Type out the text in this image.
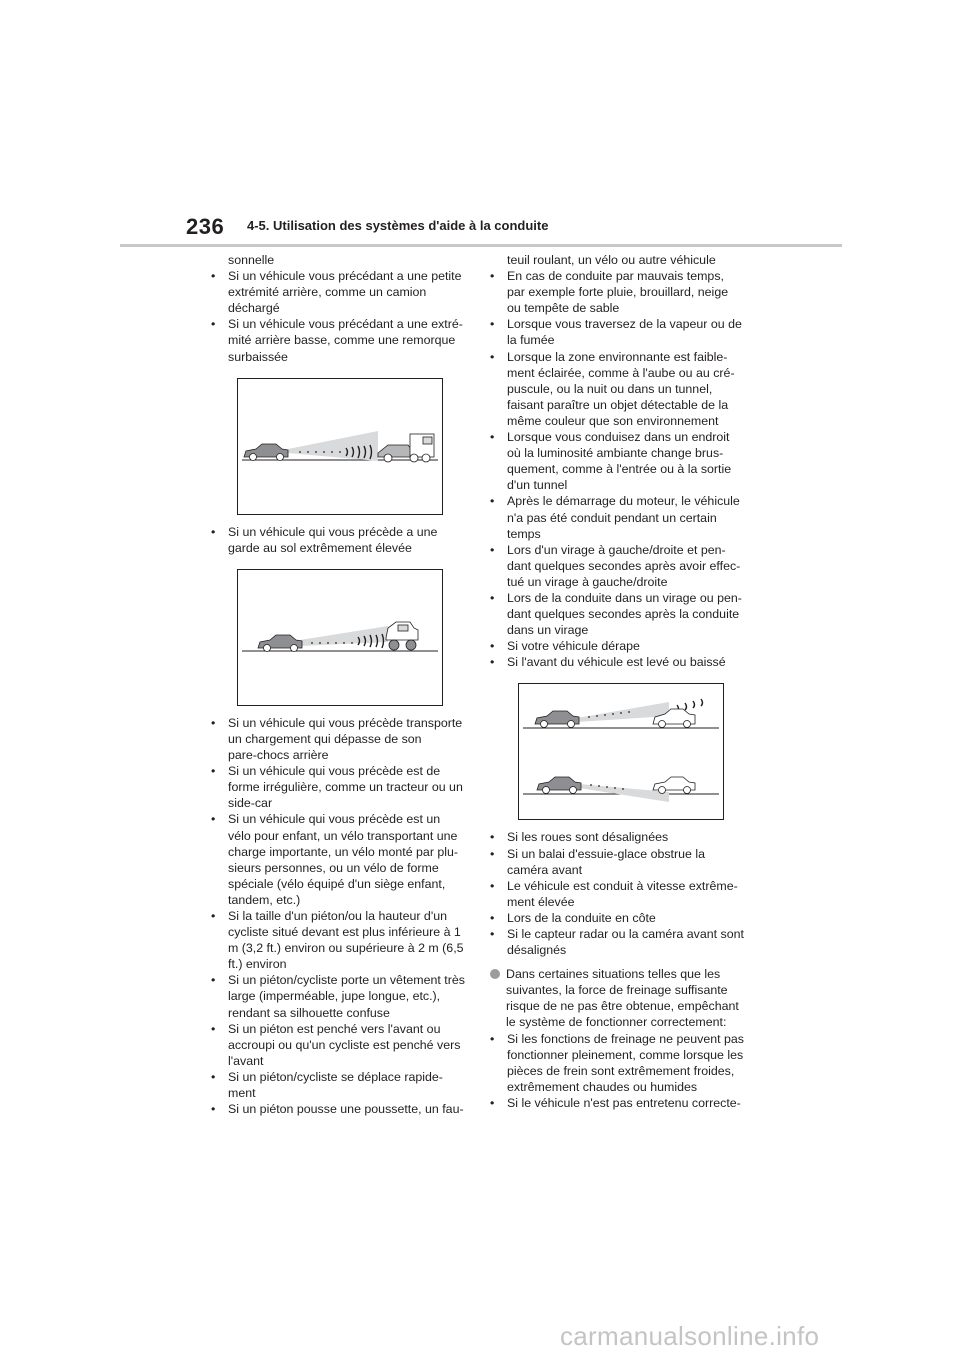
236 4-5. Utilisation des systèmes d'aide à la conduite
sonnelle
• Si un véhicule vous précédant a une petite
extrémité arrière, comme un camion
déchargé
• Si un véhicule vous précédant a une extré-
mité arrière basse, comme une remorque
surbaissée
• Si un véhicule qui vous précède a une
garde au sol extrêmement élevée
• Si un véhicule qui vous précède transporte
un chargement qui dépasse de son
pare-chocs arrière
• Si un véhicule qui vous précède est de
forme irrégulière, comme un tracteur ou un
side-car
• Si un véhicule qui vous précède est un
vélo pour enfant, un vélo transportant une
charge importante, un vélo monté par plu-
sieurs personnes, ou un vélo de forme
spéciale (vélo équipé d'un siège enfant,
tandem, etc.)
• Si la taille d'un piéton/ou la hauteur d'un
cycliste situé devant est plus inférieure à 1
m (3,2 ft.) environ ou supérieure à 2 m (6,5
ft.) environ
• Si un piéton/cycliste porte un vêtement très
large (imperméable, jupe longue, etc.),
rendant sa silhouette confuse
• Si un piéton est penché vers l'avant ou
accroupi ou qu'un cycliste est penché vers
l'avant
• Si un piéton/cycliste se déplace rapide-
ment
• Si un piéton pousse une poussette, un fau-
teuil roulant, un vélo ou autre véhicule
• En cas de conduite par mauvais temps,
par exemple forte pluie, brouillard, neige
ou tempête de sable
• Lorsque vous traversez de la vapeur ou de
la fumée
• Lorsque la zone environnante est faible-
ment éclairée, comme à l'aube ou au cré-
puscule, ou la nuit ou dans un tunnel,
faisant paraître un objet détectable de la
même couleur que son environnement
• Lorsque vous conduisez dans un endroit
où la luminosité ambiante change brus-
quement, comme à l'entrée ou à la sortie
d'un tunnel
• Après le démarrage du moteur, le véhicule
n'a pas été conduit pendant un certain
temps
• Lors d'un virage à gauche/droite et pen-
dant quelques secondes après avoir effec-
tué un virage à gauche/droite
• Lors de la conduite dans un virage ou pen-
dant quelques secondes après la conduite
dans un virage
• Si votre véhicule dérape
• Si l'avant du véhicule est levé ou baissé
• Si les roues sont désalignées
• Si un balai d'essuie-glace obstrue la
caméra avant
• Le véhicule est conduit à vitesse extrême-
ment élevée
• Lors de la conduite en côte
• Si le capteur radar ou la caméra avant sont
désalignés
Dans certaines situations telles que les
suivantes, la force de freinage suffisante
risque de ne pas être obtenue, empêchant
le système de fonctionner correctement:
• Si les fonctions de freinage ne peuvent pas
fonctionner pleinement, comme lorsque les
pièces de frein sont extrêmement froides,
extrêmement chaudes ou humides
• Si le véhicule n'est pas entretenu correcte-
carmanualsonline.info
